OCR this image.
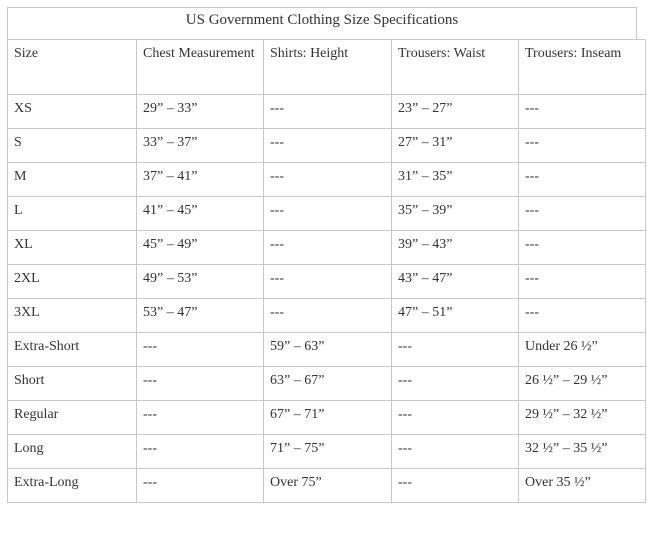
US Government Clothing Size Specifications
Size	Chest Measurement	Shirts: Height	Trousers: Waist	Trousers: Inseam
XS	29” – 33”	---	23” – 27”	---
S	33” – 37”	---	27” – 31”	---
M	37” – 41”	---	31” – 35”	---
L	41” – 45”	---	35” – 39”	---
XL	45” – 49”	---	39” – 43”	---
2XL	49” – 53”	---	43” – 47”	---
3XL	53” – 47”	---	47” – 51”	---
Extra-Short	---	59” – 63”	---	Under 26 ½”
Short	---	63” – 67”	---	26 ½” – 29 ½”
Regular	---	67” – 71”	---	29 ½” – 32 ½”
Long	---	71” – 75”	---	32 ½” – 35 ½”
Extra-Long	---	Over 75”	---	Over 35 ½”
